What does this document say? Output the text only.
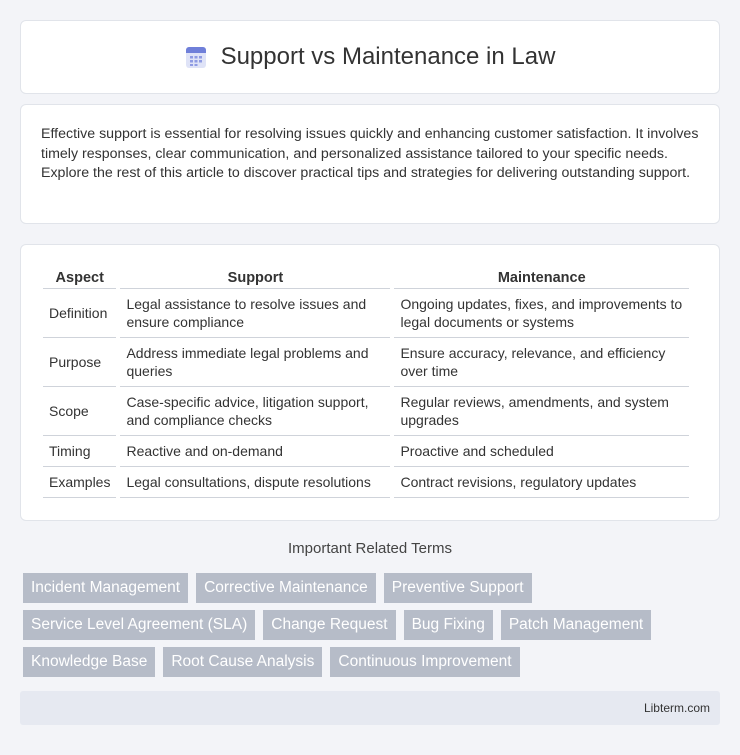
Support vs Maintenance in Law

Effective support is essential for resolving issues quickly and enhancing customer satisfaction. It involves timely responses, clear communication, and personalized assistance tailored to your specific needs. Explore the rest of this article to discover practical tips and strategies for delivering outstanding support.

Aspect	Support	Maintenance
Definition	Legal assistance to resolve issues and ensure compliance	Ongoing updates, fixes, and improvements to legal documents or systems
Purpose	Address immediate legal problems and queries	Ensure accuracy, relevance, and efficiency over time
Scope	Case-specific advice, litigation support, and compliance checks	Regular reviews, amendments, and system upgrades
Timing	Reactive and on-demand	Proactive and scheduled
Examples	Legal consultations, dispute resolutions	Contract revisions, regulatory updates
Important Related Terms
Incident Management	Corrective Maintenance	Preventive Support
Service Level Agreement (SLA)	Change Request	Bug Fixing	Patch Management
Knowledge Base	Root Cause Analysis	Continuous Improvement
Libterm.com
